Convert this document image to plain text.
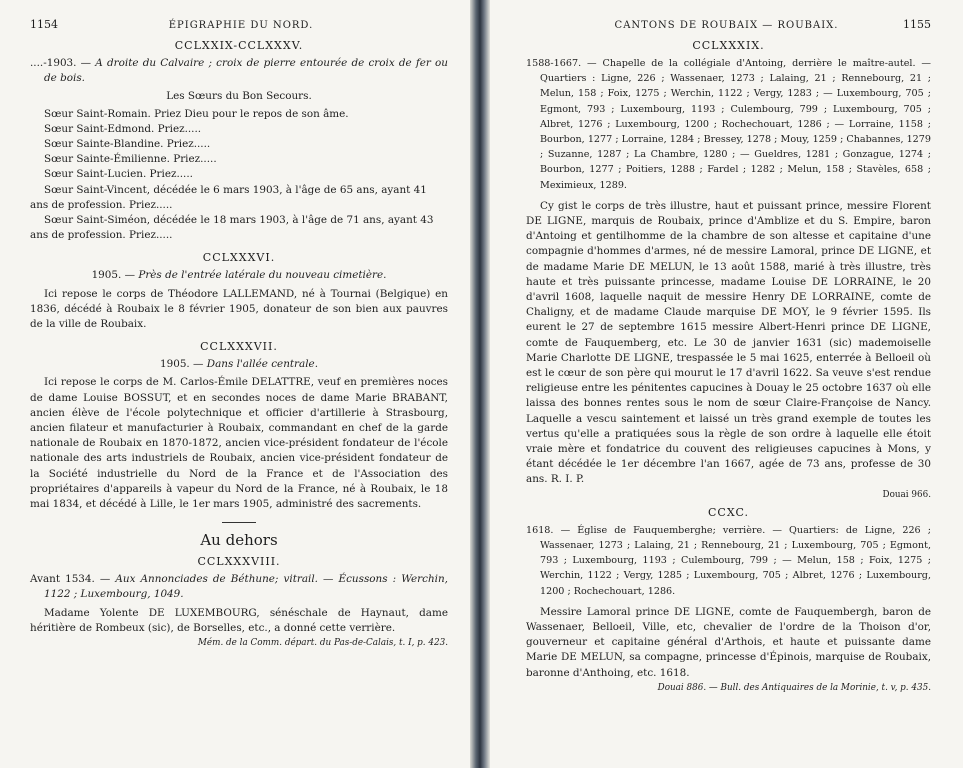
1154	ÉPIGRAPHIE DU NORD.
CCLXXIX-CCLXXXV.

....-1903. — A droite du Calvaire ; croix de pierre entourée de croix de fer ou de bois.

Les Sœurs du Bon Secours.

Sœur Saint-Romain. Priez Dieu pour le repos de son âme.

Sœur Saint-Edmond. Priez.....

Sœur Sainte-Blandine. Priez.....

Sœur Sainte-Émilienne. Priez.....

Sœur Saint-Lucien. Priez.....

Sœur Saint-Vincent, décédée le 6 mars 1903, à l'âge de 65 ans, ayant 41 ans de profession. Priez.....

Sœur Saint-Siméon, décédée le 18 mars 1903, à l'âge de 71 ans, ayant 43 ans de profession. Priez.....

CCLXXXVI.

1905. — Près de l'entrée latérale du nouveau cimetière.

Ici repose le corps de Théodore LALLEMAND, né à Tournai (Belgique) en 1836, décédé à Roubaix le 8 février 1905, donateur de son bien aux pauvres de la ville de Roubaix.

CCLXXXVII.

1905. — Dans l'allée centrale.

Ici repose le corps de M. Carlos-Émile DELATTRE, veuf en premières noces de dame Louise BOSSUT, et en secondes noces de dame Marie BRABANT, ancien élève de l'école polytechnique et officier d'artillerie à Strasbourg, ancien filateur et manufacturier à Roubaix, commandant en chef de la garde nationale de Roubaix en 1870-1872, ancien vice-président fondateur de l'école nationale des arts industriels de Roubaix, ancien vice-président fondateur de la Société industrielle du Nord de la France et de l'Association des propriétaires d'appareils à vapeur du Nord de la France, né à Roubaix, le 18 mai 1834, et décédé à Lille, le 1er mars 1905, administré des sacrements.

Au dehors
CCLXXXVIII.

Avant 1534. — Aux Annonciades de Béthune; vitrail. — Écussons : Werchin, 1122 ; Luxembourg, 1049.

Madame Yolente DE LUXEMBOURG, sénéschale de Haynaut, dame héritière de Rombeux (sic), de Borselles, etc., a donné cette verrière.

Mém. de la Comm. départ. du Pas-de-Calais, t. I, p. 423.

CANTONS DE ROUBAIX — ROUBAIX.	1155
CCLXXXIX.

1588-1667. — Chapelle de la collégiale d'Antoing, derrière le maître-autel. — Quartiers : Ligne, 226 ; Wassenaer, 1273 ; Lalaing, 21 ; Rennebourg, 21 ; Melun, 158 ; Foix, 1275 ; Werchin, 1122 ; Vergy, 1283 ; — Luxembourg, 705 ; Egmont, 793 ; Luxembourg, 1193 ; Culembourg, 799 ; Luxembourg, 705 ; Albret, 1276 ; Luxembourg, 1200 ; Rochechouart, 1286 ; — Lorraine, 1158 ; Bourbon, 1277 ; Lorraine, 1284 ; Bressey, 1278 ; Mouy, 1259 ; Chabannes, 1279 ; Suzanne, 1287 ; La Chambre, 1280 ; — Gueldres, 1281 ; Gonzague, 1274 ; Bourbon, 1277 ; Poitiers, 1288 ; Fardel ; 1282 ; Melun, 158 ; Stavèles, 658 ; Meximieux, 1289.

Cy gist le corps de très illustre, haut et puissant prince, messire Florent DE LIGNE, marquis de Roubaix, prince d'Amblize et du S. Empire, baron d'Antoing et gentilhomme de la chambre de son altesse et capitaine d'une compagnie d'hommes d'armes, né de messire Lamoral, prince DE LIGNE, et de madame Marie DE MELUN, le 13 août 1588, marié à très illustre, très haute et très puissante princesse, madame Louise DE LORRAINE, le 20 d'avril 1608, laquelle naquit de messire Henry DE LORRAINE, comte de Chaligny, et de madame Claude marquise DE MOY, le 9 février 1595. Ils eurent le 27 de septembre 1615 messire Albert-Henri prince DE LIGNE, comte de Fauquemberg, etc. Le 30 de janvier 1631 (sic) mademoiselle Marie Charlotte DE LIGNE, trespassée le 5 mai 1625, enterrée à Belloeil où est le cœur de son père qui mourut le 17 d'avril 1622. Sa veuve s'est rendue religieuse entre les pénitentes capucines à Douay le 25 octobre 1637 où elle laissa des bonnes rentes sous le nom de sœur Claire-Françoise de Nancy. Laquelle a vescu saintement et laissé un très grand exemple de toutes les vertus qu'elle a pratiquées sous la règle de son ordre à laquelle elle étoit vraie mère et fondatrice du couvent des religieuses capucines à Mons, y étant décédée le 1er décembre l'an 1667, agée de 73 ans, professe de 30 ans. R. I. P.

Douai 966.

CCXC.

1618. — Église de Fauquemberghe; verrière. — Quartiers: de Ligne, 226 ; Wassenaer, 1273 ; Lalaing, 21 ; Rennebourg, 21 ; Luxembourg, 705 ; Egmont, 793 ; Luxembourg, 1193 ; Culembourg, 799 ; — Melun, 158 ; Foix, 1275 ; Werchin, 1122 ; Vergy, 1285 ; Luxembourg, 705 ; Albret, 1276 ; Luxembourg, 1200 ; Rochechouart, 1286.

Messire Lamoral prince DE LIGNE, comte de Fauquembergh, baron de Wassenaer, Belloeil, Ville, etc, chevalier de l'ordre de la Thoison d'or, gouverneur et capitaine général d'Arthois, et haute et puissante dame Marie DE MELUN, sa compagne, princesse d'Épinois, marquise de Roubaix, baronne d'Anthoing, etc. 1618.

Douai 886. — Bull. des Antiquaires de la Morinie, t. v, p. 435.
